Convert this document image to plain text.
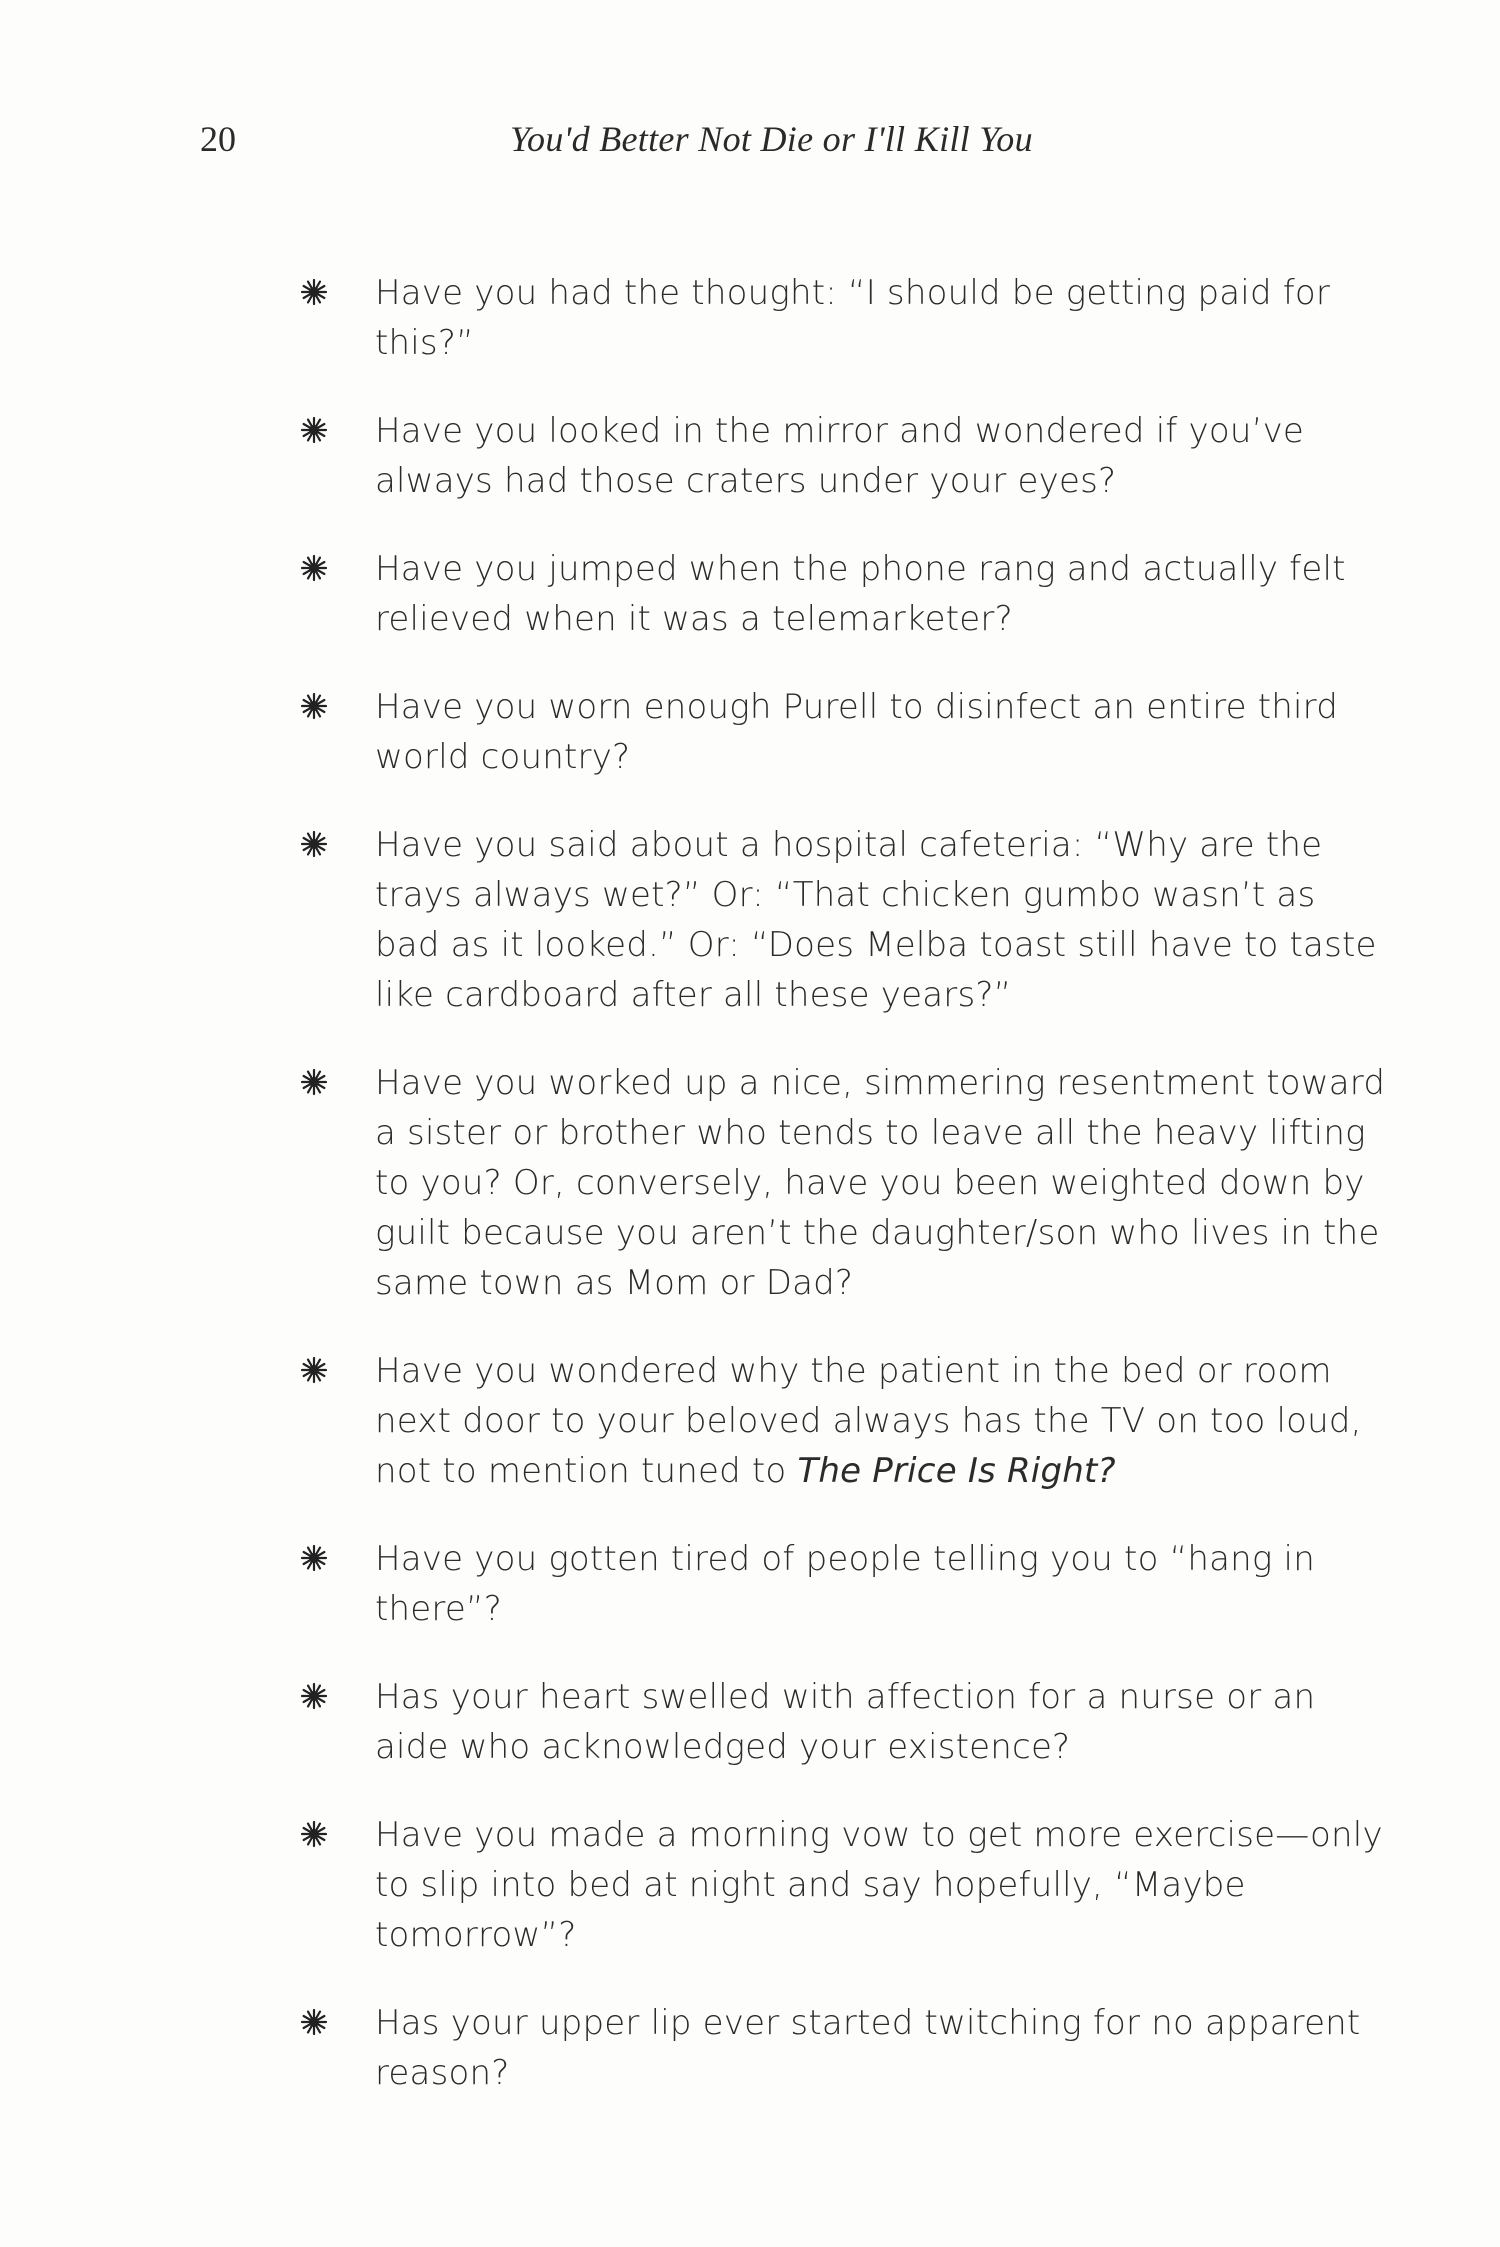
20	You'd Better Not Die or I'll Kill You
Have you had the thought: “I should be getting paid for this?”
Have you looked in the mirror and wondered if you’ve always had those craters under your eyes?
Have you jumped when the phone rang and actually felt relieved when it was a telemarketer?
Have you worn enough Purell to disinfect an entire third world country?
Have you said about a hospital cafeteria: “Why are the trays always wet?” Or: “That chicken gumbo wasn’t as bad as it looked.” Or: “Does Melba toast still have to taste like cardboard after all these years?”
Have you worked up a nice, simmering resentment toward a sister or brother who tends to leave all the heavy lifting to you? Or, conversely, have you been weighted down by guilt because you aren’t the daughter/son who lives in the same town as Mom or Dad?
Have you wondered why the patient in the bed or room next door to your beloved always has the TV on too loud, not to mention tuned to The Price Is Right?
Have you gotten tired of people telling you to “hang in there”?
Has your heart swelled with affection for a nurse or an aide who acknowledged your existence?
Have you made a morning vow to get more exercise—only to slip into bed at night and say hopefully, “Maybe tomorrow”?
Has your upper lip ever started twitching for no apparent reason?
